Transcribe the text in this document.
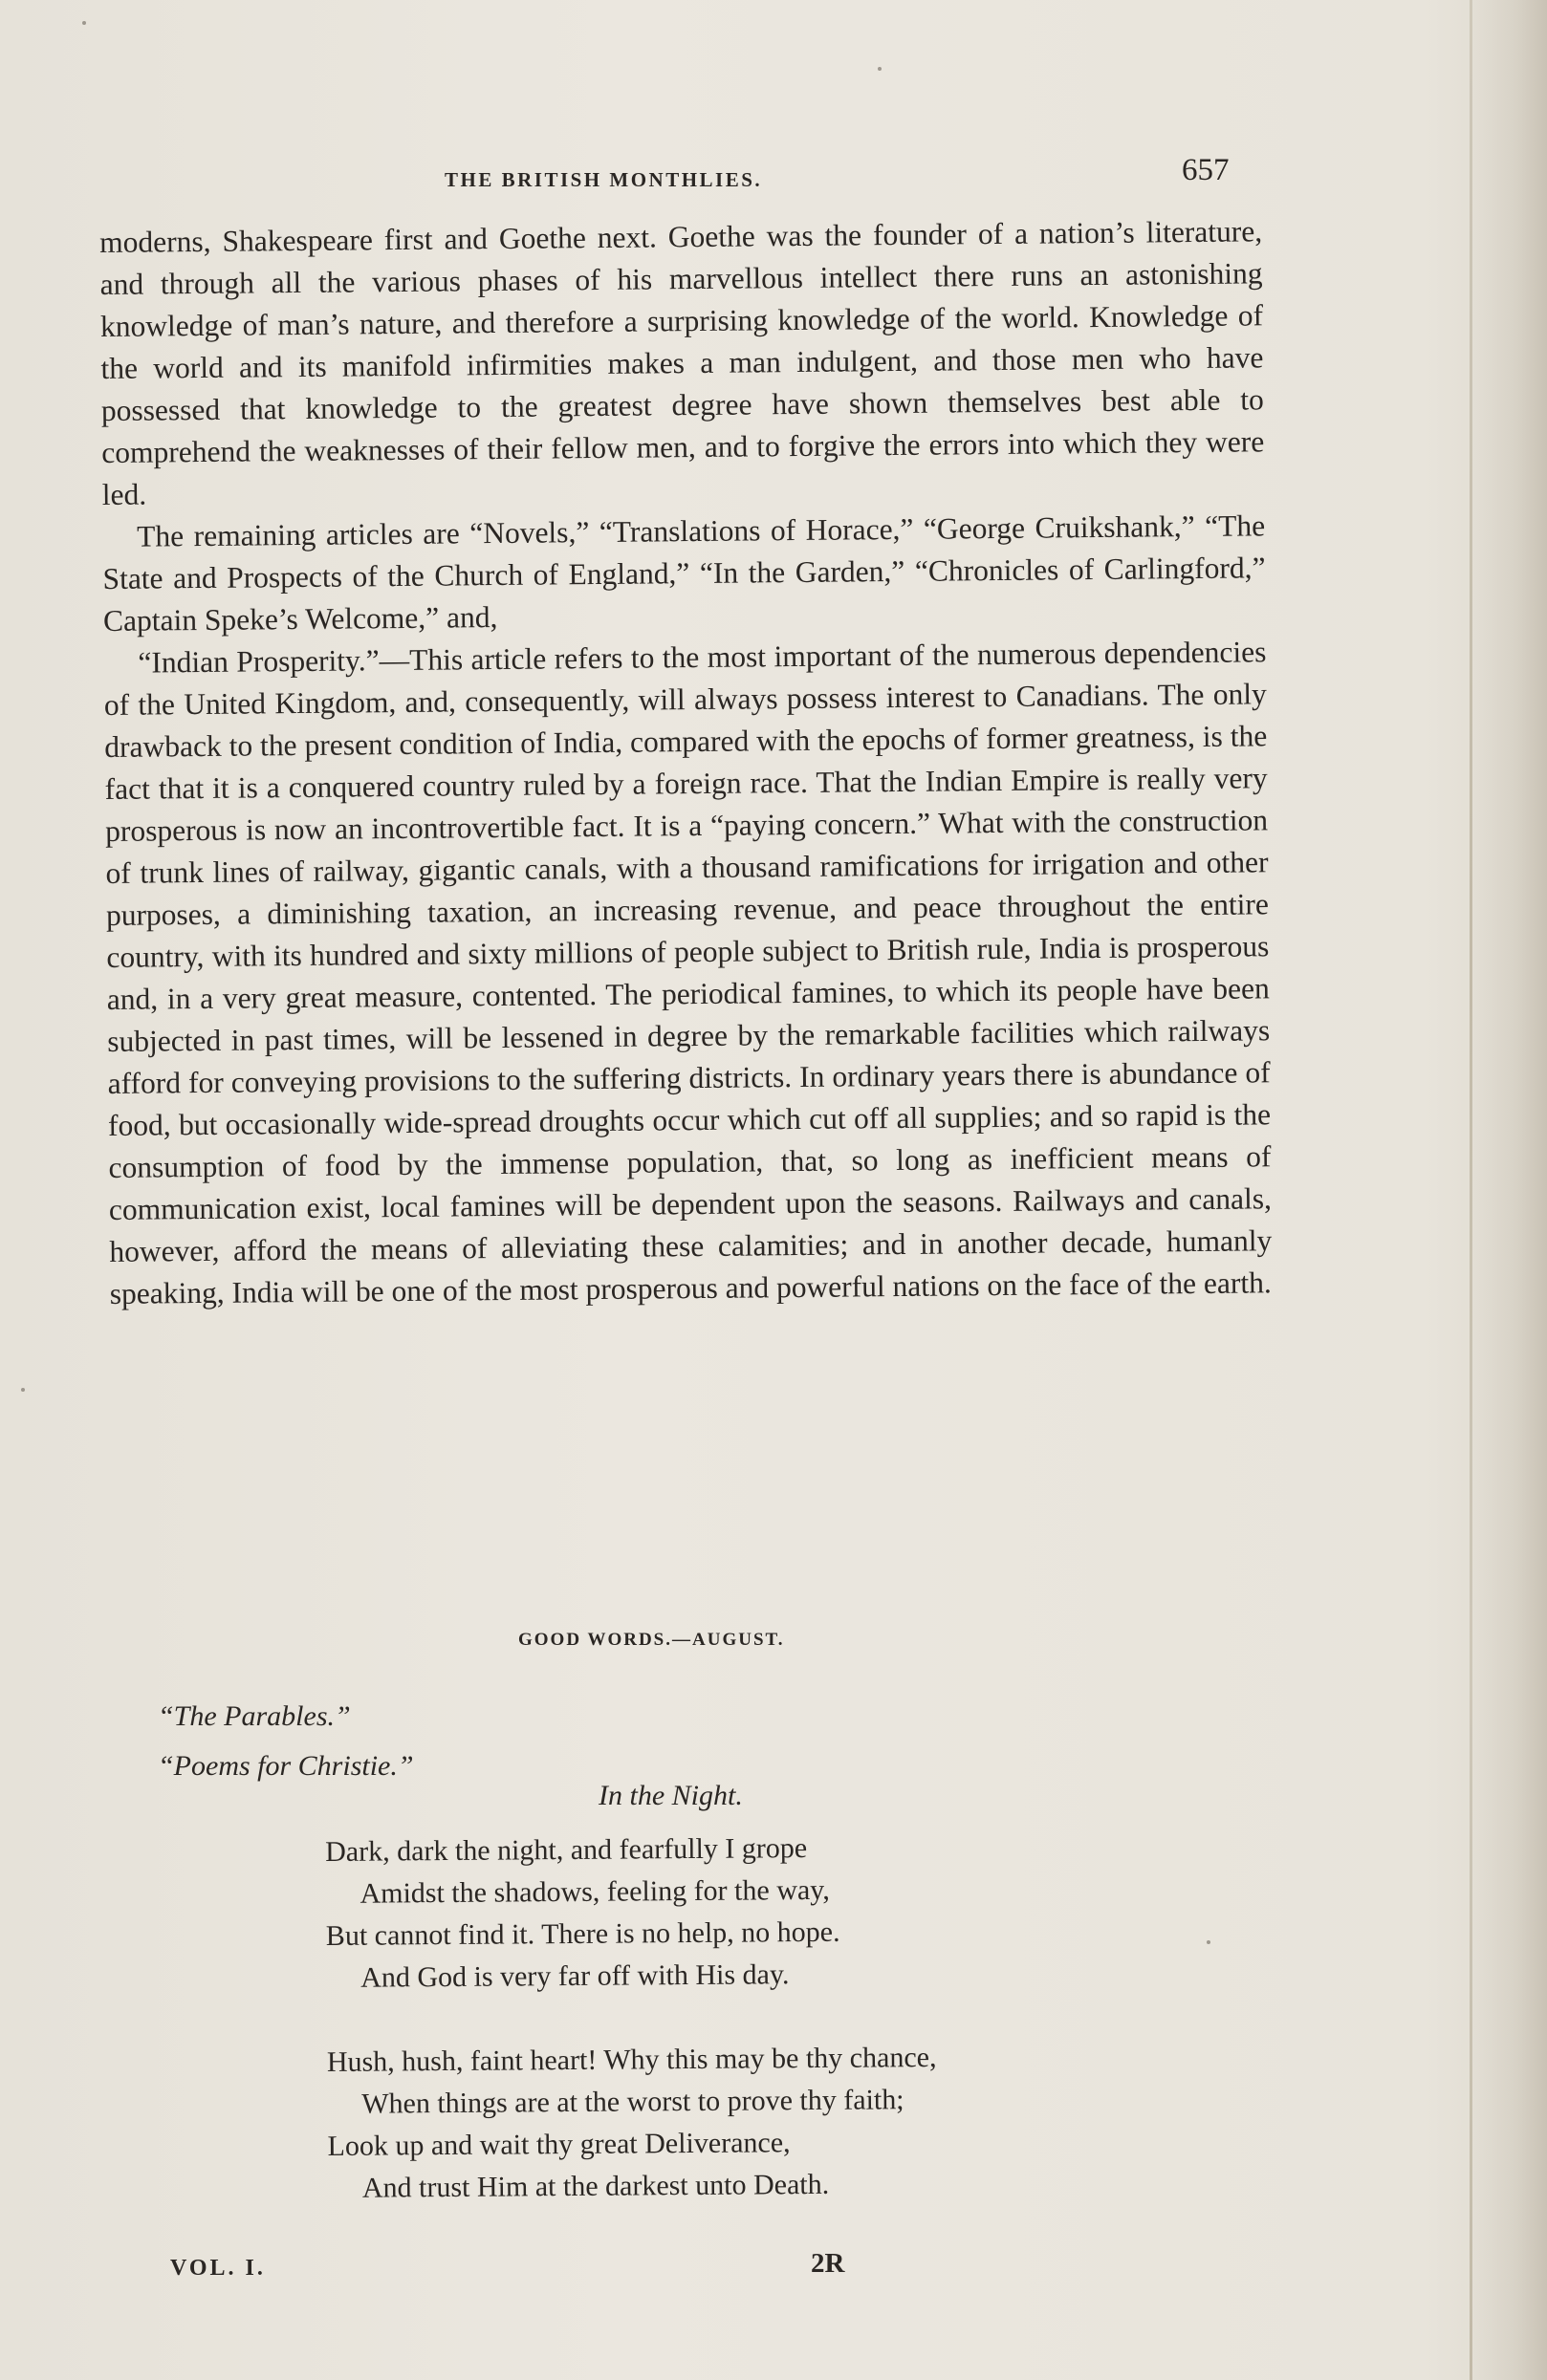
THE BRITISH MONTHLIES.	657

moderns, Shakespeare first and Goethe next. Goethe was the founder of a nation’s literature, and through all the various phases of his marvellous intellect there runs an astonishing knowledge of man’s nature, and therefore a surprising knowledge of the world. Knowledge of the world and its manifold infirmities makes a man indulgent, and those men who have possessed that knowledge to the greatest degree have shown themselves best able to comprehend the weaknesses of their fellow men, and to forgive the errors into which they were led.

The remaining articles are “Novels,” “Translations of Horace,” “George Cruikshank,” “The State and Prospects of the Church of England,” “In the Garden,” “Chronicles of Carlingford,” Captain Speke’s Welcome,” and,

“Indian Prosperity.”—This article refers to the most important of the numerous dependencies of the United Kingdom, and, consequently, will always possess interest to Canadians. The only drawback to the present condition of India, compared with the epochs of former greatness, is the fact that it is a conquered country ruled by a foreign race. That the Indian Empire is really very prosperous is now an incontrovertible fact. It is a “paying concern.” What with the construction of trunk lines of railway, gigantic canals, with a thousand ramifications for irrigation and other purposes, a diminishing taxation, an increasing revenue, and peace throughout the entire country, with its hundred and sixty millions of people subject to British rule, India is prosperous and, in a very great measure, contented. The periodical famines, to which its people have been subjected in past times, will be lessened in degree by the remarkable facilities which railways afford for conveying provisions to the suffering districts. In ordinary years there is abundance of food, but occasionally wide-spread droughts occur which cut off all supplies; and so rapid is the consumption of food by the immense population, that, so long as inefficient means of communication exist, local famines will be dependent upon the seasons. Railways and canals, however, afford the means of alleviating these calamities; and in another decade, humanly speaking, India will be one of the most prosperous and powerful nations on the face of the earth.

GOOD WORDS.—AUGUST.
“The Parables.”
“Poems for Christie.”
In the Night.
Dark, dark the night, and fearfully I grope
Amidst the shadows, feeling for the way,
But cannot find it. There is no help, no hope.
And God is very far off with His day.
Hush, hush, faint heart! Why this may be thy chance,
When things are at the worst to prove thy faith;
Look up and wait thy great Deliverance,
And trust Him at the darkest unto Death.
VOL. I.	2R
